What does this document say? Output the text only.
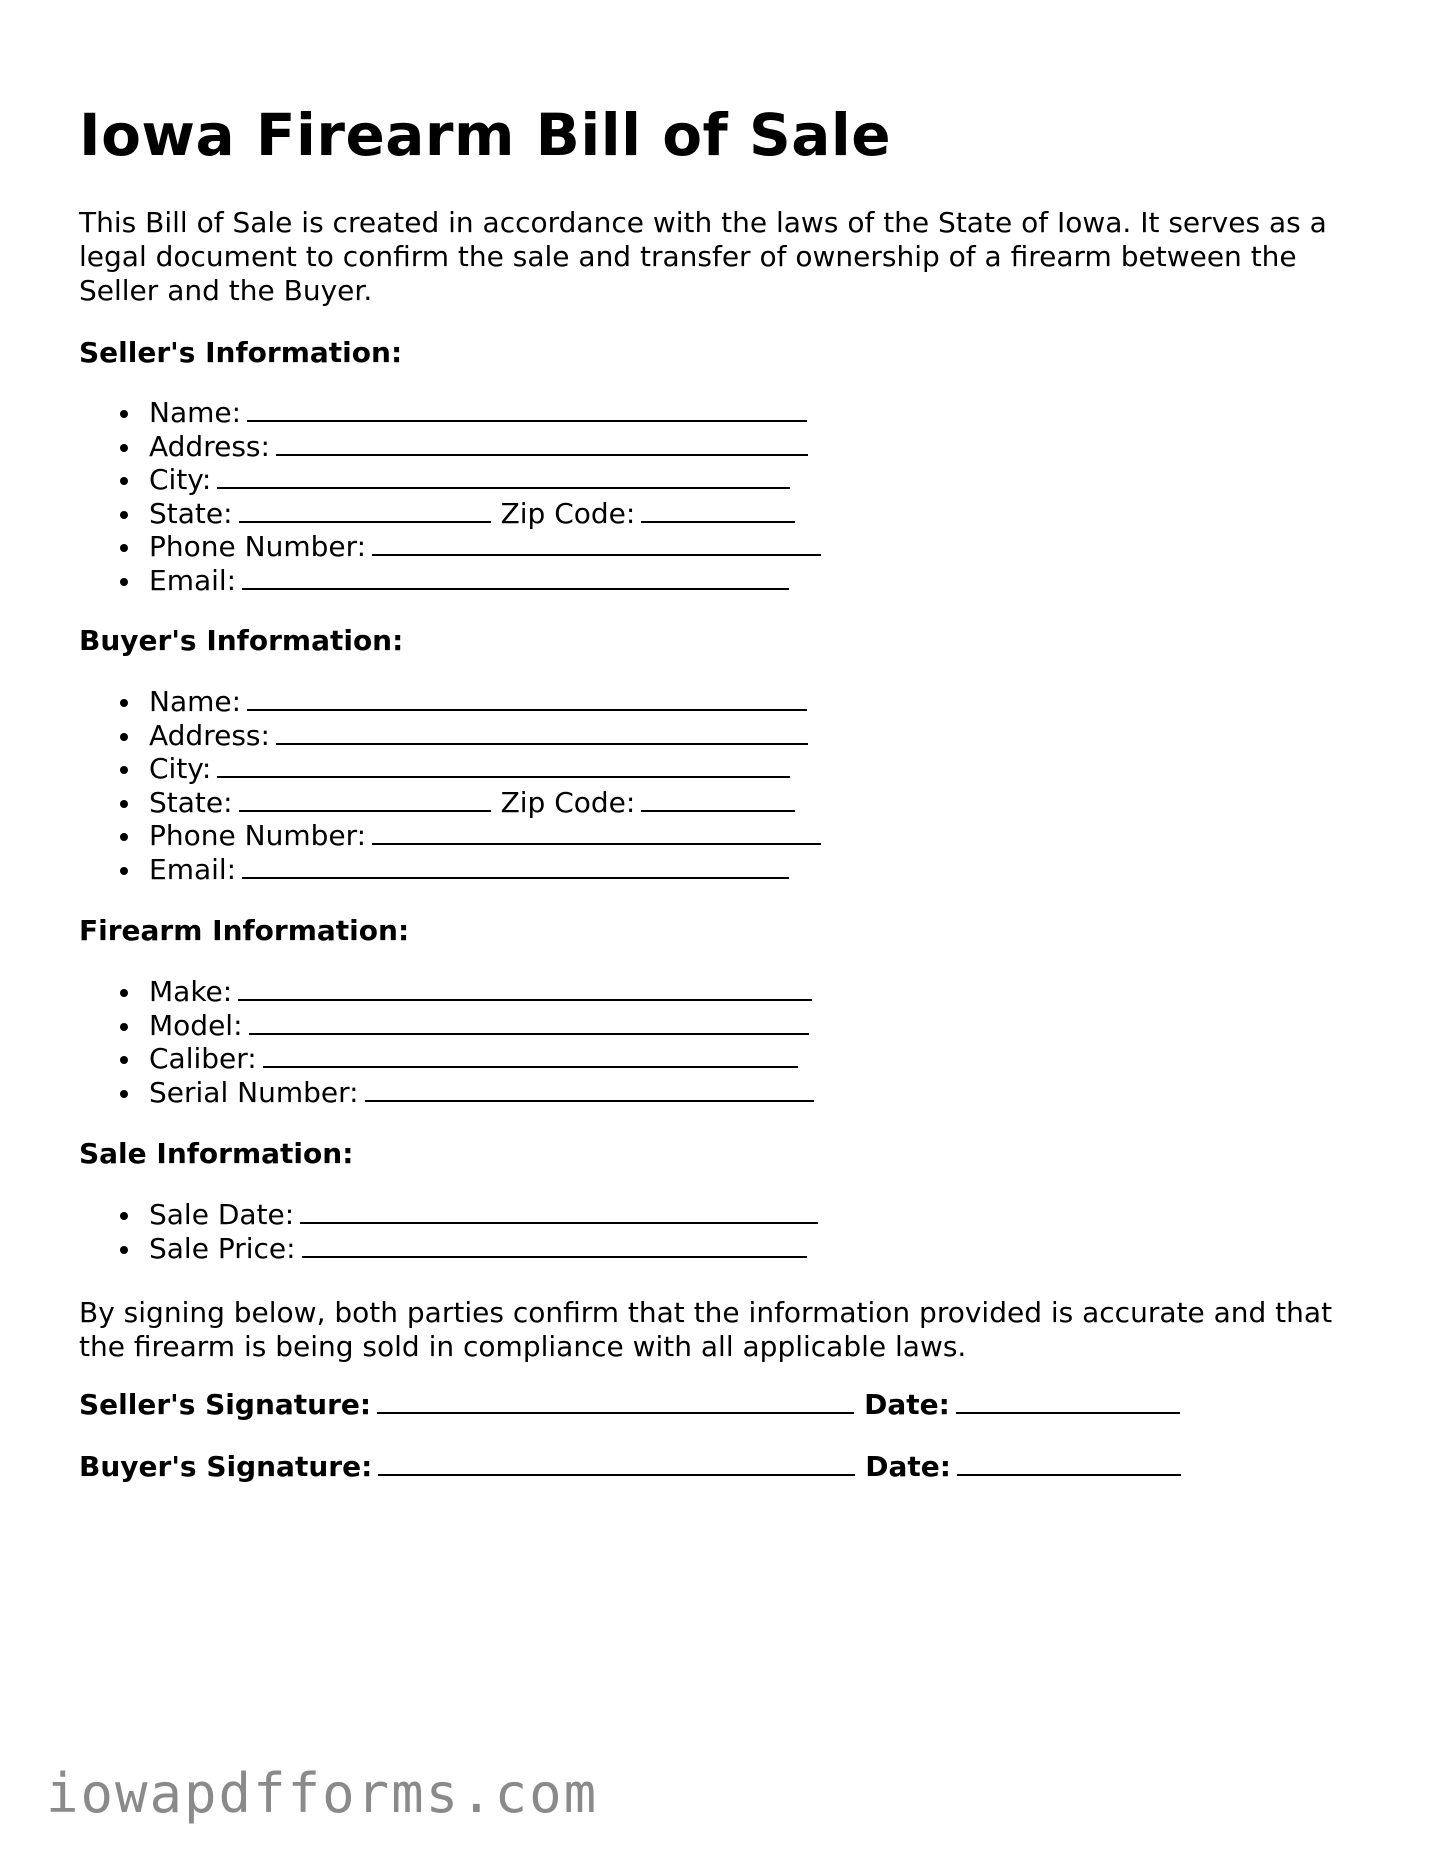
Iowa Firearm Bill of Sale

This Bill of Sale is created in accordance with the laws of the State of Iowa. It serves as a legal document to confirm the sale and transfer of ownership of a firearm between the Seller and the Buyer.

Seller's Information:
Name:
Address:
City:
State:	Zip Code:
Phone Number:
Email:
Buyer's Information:
Name:
Address:
City:
State:	Zip Code:
Phone Number:
Email:
Firearm Information:
Make:
Model:
Caliber:
Serial Number:
Sale Information:
Sale Date:
Sale Price:

By signing below, both parties confirm that the information provided is accurate and that the firearm is being sold in compliance with all applicable laws.

Seller's Signature:	Date:
Buyer's Signature:	Date:
iowapdfforms.com
